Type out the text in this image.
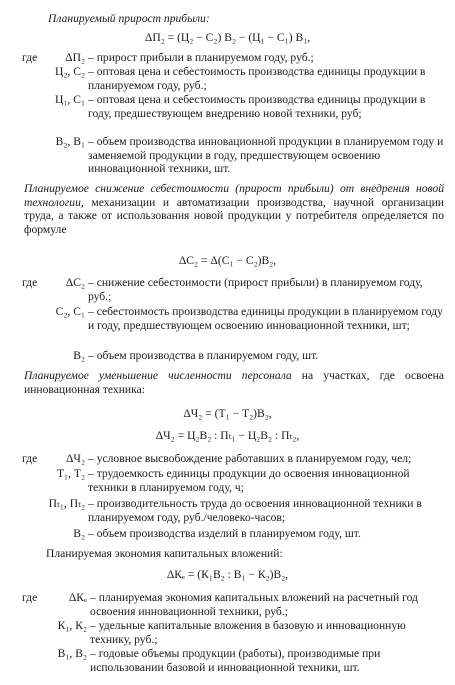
Планируемый прирост прибыли:
ΔП₂ = (Ц₂ − С₂) В₂ − (Ц₁ − С₁) В₁,
где ΔП₂ – прирост прибыли в планируемом году, руб.;
Ц₂, С₂ – оптовая цена и себестоимость производства единицы продукции в планируемом году, руб.;
Ц₁, С₁ – оптовая цена и себестоимость производства единицы продукции в году, предшествующем внедрению новой техники, руб;
В₂, В₁ – объем производства инновационной продукции в планируемом году и заменяемой продукции в году, предшествующем освоению инновационной техники, шт.
Планируемое снижение себестоимости (прирост прибыли) от внедрения новой технологии, механизации и автоматизации производства, научной организации труда, а также от использования новой продукции у потребителя определяется по формуле
ΔС₂ = Δ(С₁ − С₂)В₂,
где ΔС₂ – снижение себестоимости (прирост прибыли) в планируемом году, руб.;
С₂, С₁ – себестоимость производства единицы продукции в планируемом году и году, предшествующем освоению инновационной техники, шт;
В₂ – объем производства в планируемом году, шт.
Планируемое уменьшение численности персонала на участках, где освоена инновационная техника:
ΔЧ₂ = (Т₁ − Т₂)В₂,
ΔЧ₂ = Ц₂В₂ : Пₜ₁ − Ц₂В₂ : Пₜ₂,
где ΔЧ₂ – условное высвобождение работавших в планируемом году, чел;
Т₁, Т₂ – трудоемкость единицы продукции до освоения инновационной техники в планируемом году, ч;
Пₜ₁, Пₜ₂ – производительность труда до освоения инновационной техники в планируемом году, руб./человеко-часов;
В₂ – объем производства изделий в планируемом году, шт.
Планируемая экономия капитальных вложений:
ΔКₑ = (К₁В₂ : В₁ − К₂)В₂,
где	ΔКₑ – планируемая экономия капитальных вложений на расчетный год освоения инновационной техники, руб.;
К₁, К₂ – удельные капитальные вложения в базовую и инновационную технику, руб.;
В₁, В₂ – годовые объемы продукции (работы), производимые при использовании базовой и инновационной техники, шт.
